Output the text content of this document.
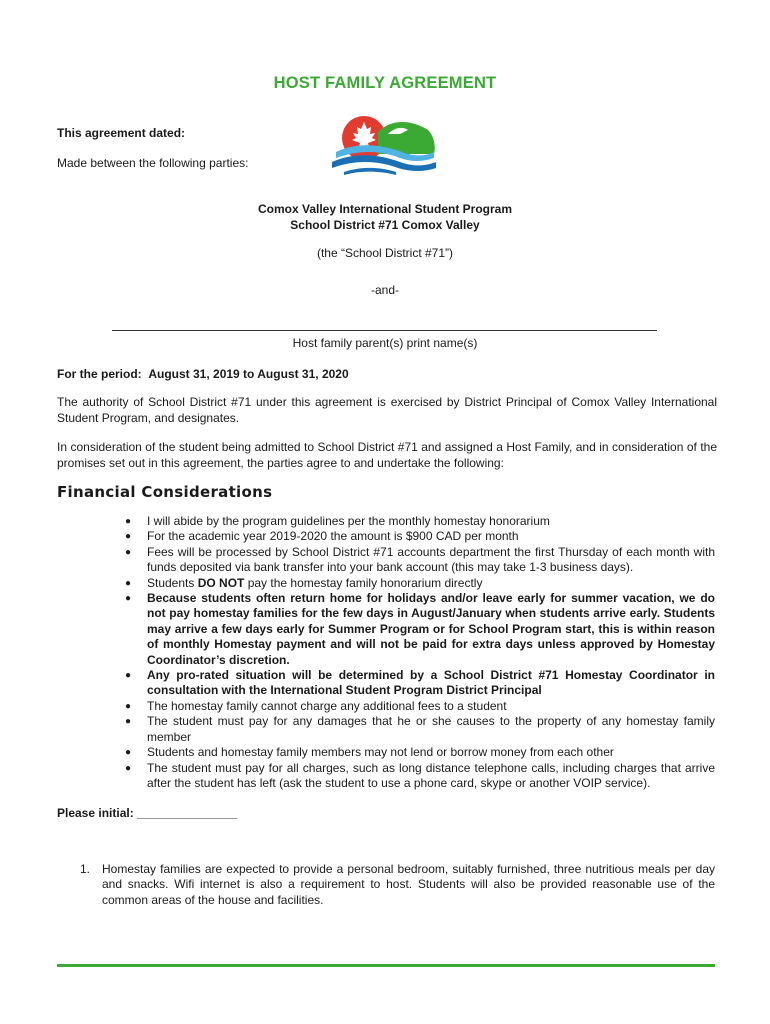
HOST FAMILY AGREEMENT
This agreement dated:
Made between the following parties:
Comox Valley International Student Program
School District #71 Comox Valley
(the “School District #71”)
-and-
Host family parent(s) print name(s)
For the period: August 31, 2019 to August 31, 2020
The authority of School District #71 under this agreement is exercised by District Principal of Comox Valley International Student Program, and designates.
In consideration of the student being admitted to School District #71 and assigned a Host Family, and in consideration of the promises set out in this agreement, the parties agree to and undertake the following:
Financial Considerations
● I will abide by the program guidelines per the monthly homestay honorarium
● For the academic year 2019-2020 the amount is $900 CAD per month
● Fees will be processed by School District #71 accounts department the first Thursday of each month with funds deposited via bank transfer into your bank account (this may take 1-3 business days).
● Students DO NOT pay the homestay family honorarium directly
● Because students often return home for holidays and/or leave early for summer vacation, we do not pay homestay families for the few days in August/January when students arrive early. Students may arrive a few days early for Summer Program or for School Program start, this is within reason of monthly Homestay payment and will not be paid for extra days unless approved by Homestay Coordinator’s discretion.
● Any pro-rated situation will be determined by a School District #71 Homestay Coordinator in consultation with the International Student Program District Principal
● The homestay family cannot charge any additional fees to a student
● The student must pay for any damages that he or she causes to the property of any homestay family member
● Students and homestay family members may not lend or borrow money from each other
● The student must pay for all charges, such as long distance telephone calls, including charges that arrive after the student has left (ask the student to use a phone card, skype or another VOIP service).
Please initial: _______________
1. Homestay families are expected to provide a personal bedroom, suitably furnished, three nutritious meals per day and snacks. Wifi internet is also a requirement to host. Students will also be provided reasonable use of the common areas of the house and facilities.
